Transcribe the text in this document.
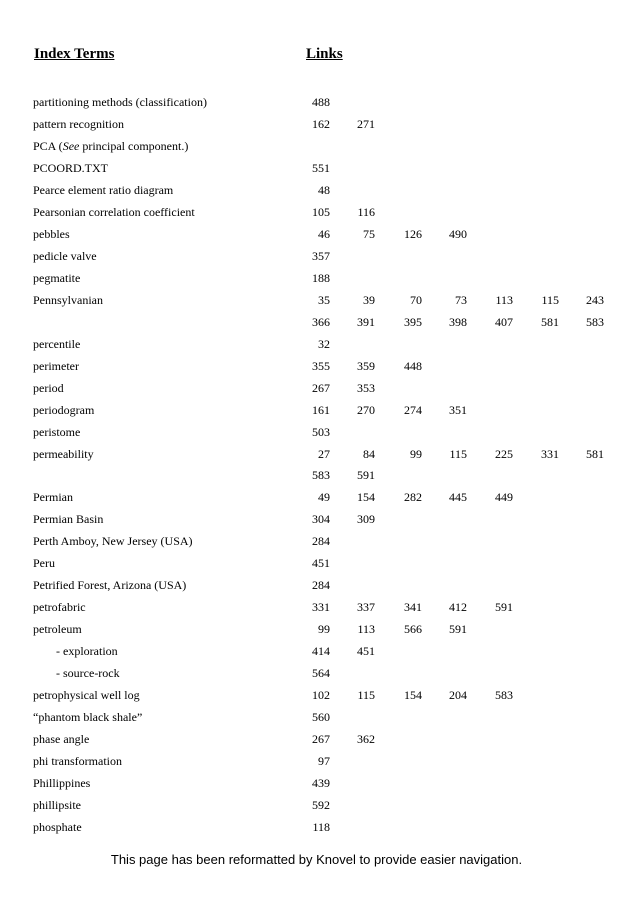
Index Terms	Links
partitioning methods (classification)	488
pattern recognition	162	271
PCA (See principal component.)
PCOORD.TXT	551
Pearce element ratio diagram	48
Pearsonian correlation coefficient	105	116
pebbles	46	75	126	490
pedicle valve	357
pegmatite	188
Pennsylvanian	35	39	70	73	113	115	243
366	391	395	398	407	581	583
percentile	32
perimeter	355	359	448
period	267	353
periodogram	161	270	274	351
peristome	503
permeability	27	84	99	115	225	331	581
583	591
Permian	49	154	282	445	449
Permian Basin	304	309
Perth Amboy, New Jersey (USA)	284
Peru	451
Petrified Forest, Arizona (USA)	284
petrofabric	331	337	341	412	591
petroleum	99	113	566	591
- exploration	414	451
- source-rock	564
petrophysical well log	102	115	154	204	583
“phantom black shale”	560
phase angle	267	362
phi transformation	97
Phillippines	439
phillipsite	592
phosphate	118
This page has been reformatted by Knovel to provide easier navigation.
